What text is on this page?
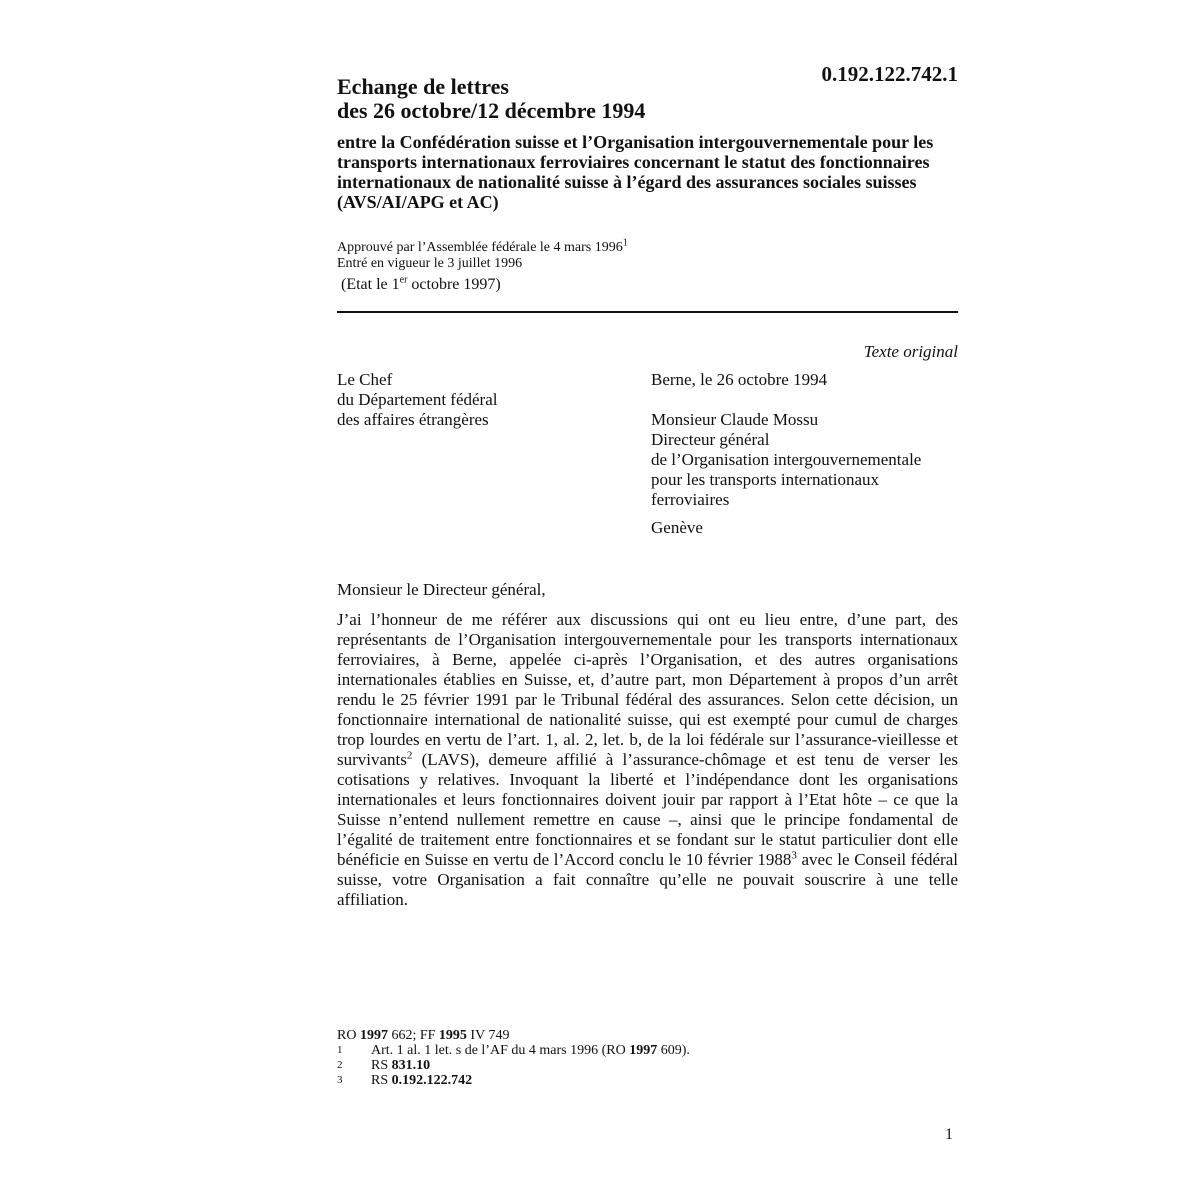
0.192.122.742.1
Echange de lettres
des 26 octobre/12 décembre 1994
entre la Confédération suisse et l’Organisation intergouvernementale pour les transports internationaux ferroviaires concernant le statut des fonctionnaires internationaux de nationalité suisse à l’égard des assurances sociales suisses (AVS/AI/APG et AC)
Approuvé par l’Assemblée fédérale le 4 mars 1996$^1$
Entré en vigueur le 3 juillet 1996
(Etat le 1er octobre 1997)
Texte original
Le Chef
du Département fédéral
des affaires étrangères
Berne, le 26 octobre 1994
Monsieur Claude Mossu
Directeur général
de l’Organisation intergouvernementale
pour les transports internationaux
ferroviaires
Genève
Monsieur le Directeur général,
J’ai l’honneur de me référer aux discussions qui ont eu lieu entre, d’une part, des représentants de l’Organisation intergouvernementale pour les transports internationaux ferroviaires, à Berne, appelée ci-après l’Organisation, et des autres organisations internationales établies en Suisse, et, d’autre part, mon Département à propos d’un arrêt rendu le 25 février 1991 par le Tribunal fédéral des assurances. Selon cette décision, un fonctionnaire international de nationalité suisse, qui est exempté pour cumul de charges trop lourdes en vertu de l’art. 1, al. 2, let. b, de la loi fédérale sur l’assurance-vieillesse et survivants$^2$ (LAVS), demeure affilié à l’assurance-chômage et est tenu de verser les cotisations y relatives. Invoquant la liberté et l’indépendance dont les organisations internationales et leurs fonctionnaires doivent jouir par rapport à l’Etat hôte – ce que la Suisse n’entend nullement remettre en cause –, ainsi que le principe fondamental de l’égalité de traitement entre fonctionnaires et se fondant sur le statut particulier dont elle bénéficie en Suisse en vertu de l’Accord conclu le 10 février 1988$^3$ avec le Conseil fédéral suisse, votre Organisation a fait connaître qu’elle ne pouvait souscrire à une telle affiliation.
RO 1997 662; FF 1995 IV 749
1	Art. 1 al. 1 let. s de l’AF du 4 mars 1996 (RO 1997 609).
2	RS 831.10
3	RS 0.192.122.742
1
